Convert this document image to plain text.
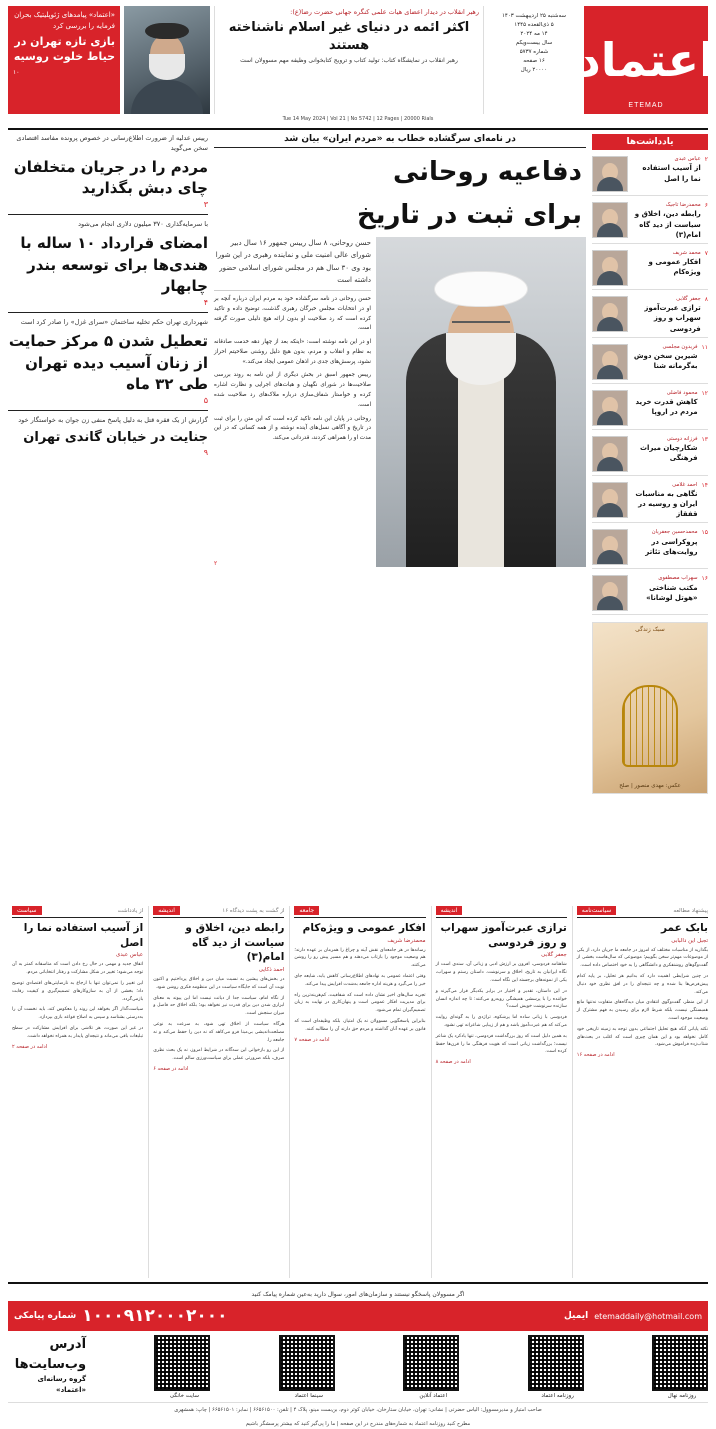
«اعتماد» پیامدهای ژئوپلیتیک بحران فرمایه را بررسی کرد
بازی تازه تهران در حیاط خلوت روسیه
۱۰
رهبر انقلاب در دیدار اعضای هیات علمی کنگره جهانی حضرت رضا(ع):
اکثر ائمه در دنیای غیر اسلام ناشناخته هستند
رهبر انقلاب در نمایشگاه کتاب: تولید کتاب و ترویج کتابخوانی وظیفه مهم مسوولان است
سه‌شنبه ۲۵ اردیبهشت ۱۴۰۳
۵ ذی‌القعده ۱۴۴۵
۱۴ مه ۲۰۲۴
سال بیست‌ویکم
شماره ۵۷۳۷
۱۶ صفحه
۲۰۰۰۰ ریال اعتماد
ETEMAD
Tue 14 May 2024 | Vol 21 | No 5742 | 12 Pages | 20000 Rials
یادداشت‌ها
عباس عبدی
از آسیب استفاده نما را اصل
۲
محمدرضا تاجیک
رابطه دین، اخلاق و سیاست از دید گاه امام(۳)
۶
محمد شریف
افکار عمومی و ویژه‌کام
۷
جعفر گلابی
ترازی عبرت‌آموز سهراب و روز فردوسی
۸
فریدون مجلسی
شیرین سخن دوش به‌گرمانه شنا
۱۱
محمود فاضلی
کاهش قدرت خرید مردم در اروپا
۱۲
فرزانه دوستی
شکارچیان میراث فرهنگی
۱۳
احمد غلامی
نگاهی به مناسبات ایران و روسیه در قفقاز
۱۴
محمدحسین جعفریان
پروکراسی در روایت‌های تئاتر
۱۵
سهراب مصطفوی
مکتب شناختی «هوتل لوشانا»
۱۶
سبک زندگی
عکس: مهدی منصور | صلح
در نامه‌ای سرگشاده خطاب به «مردم ایران» بیان شد
دفاعیه روحانی
برای ثبت در تاریخ
حسن روحانی، ۸ سال رییس جمهور ۱۶ سال دبیر شورای عالی امنیت ملی و نماینده رهبری در این شورا بود وی ۳۰ سال هم در مجلس شورای اسلامی حضور داشته است

حسن روحانی در نامه سرگشاده خود به مردم ایران درباره آنچه بر او در انتخابات مجلس خبرگان رهبری گذشت، توضیح داده و تاکید کرده است که رد صلاحیت او بدون ارائه هیچ دلیلی صورت گرفته است.

او در این نامه نوشته است: «اینکه بعد از چهار دهه خدمت صادقانه به نظام و انقلاب و مردم، بدون هیچ دلیل روشنی صلاحیتم احراز نشود، پرسش‌های جدی در اذهان عمومی ایجاد می‌کند.»

رییس جمهور اسبق در بخش دیگری از این نامه به روند بررسی صلاحیت‌ها در شورای نگهبان و هیات‌های اجرایی و نظارت اشاره کرده و خواستار شفاف‌سازی درباره ملاک‌های رد صلاحیت شده است.

روحانی در پایان این نامه تاکید کرده است که این متن را برای ثبت در تاریخ و آگاهی نسل‌های آینده نوشته و از همه کسانی که در این مدت او را همراهی کردند، قدردانی می‌کند.

۲
رییس عدلیه از ضرورت اطلاع‌رسانی در خصوص پرونده مفاسد اقتصادی سخن می‌گوید
مردم را در جریان متخلفان چای دبش بگذارید
۳
با سرمایه‌گذاری ۳۷۰ میلیون دلاری انجام می‌شود
امضای قرارداد ۱۰ ساله با هندی‌ها برای توسعه بندر چابهار
۴
شهرداری تهران حکم تخلیه ساختمان «سرای غزل» را صادر کرد است
تعطیل شدن ۵ مرکز حمایت از زنان آسیب دیده تهران طی ۳۲ ماه
۵
گزارش از یک فقره قتل به دلیل پاسخ منفی زن جوان به خواستگار خود
جنایت در خیابان گاندی تهران
۹
سیاست‌نامه	پیشنهاد مطالعه
بابک عمر
تجبل این دالبابی

بگذارید از مناسبات مختلف که امروز در جامعه ما جریان دارد، از یکی از موضوعات مهم‌تر سخن بگوییم؛ موضوعی که سال‌هاست بخشی از گفت‌وگوهای روشنفکری و دانشگاهی را به خود اختصاص داده است.

در چنین شرایطی اهمیت دارد که بدانیم هر تحلیل، بر پایه کدام پیش‌فرض‌ها بنا شده و چه نتیجه‌ای را در افق نظری خود دنبال می‌کند.

از این منظر، گفت‌وگوی انتقادی میان دیدگاه‌های متفاوت نه‌تنها مانع همبستگی نیست، بلکه شرط لازم برای رسیدن به فهم مشترک از وضعیت موجود است.

نکته پایانی آنکه هیچ تحلیل اجتماعی بدون توجه به زمینه تاریخی خود کامل نخواهد بود و این همان چیزی است که اغلب در بحث‌های شتاب‌زده فراموش می‌شود.

ادامه در صفحه ۱۶
اندیشه
ترازی عبرت‌آموز سهراب و روز فردوسی
جعفر گلابی

شاهنامه فردوسی، افزون بر ارزش ادبی و زبانی آن، سندی است از نگاه ایرانیان به تاریخ، اخلاق و سرنوشت. داستان رستم و سهراب، یکی از نمونه‌های برجسته این نگاه است.

در این داستان، تقدیر و اختیار در برابر یکدیگر قرار می‌گیرند و خواننده را با پرسشی همیشگی روبه‌رو می‌کنند: تا چه اندازه انسان سازنده سرنوشت خویش است؟

فردوسی با زبانی ساده اما پرشکوه، تراژدی را به گونه‌ای روایت می‌کند که هم عبرت‌آموز باشد و هم از زیبایی شاعرانه تهی نشود.

به همین دلیل است که روز بزرگداشت فردوسی، تنها یادکرد یک شاعر نیست؛ بزرگداشت زبانی است که هویت فرهنگی ما را قرن‌ها حفظ کرده است.

ادامه در صفحه ۸
جامعه
افکار عمومی و ویژه‌کام
محمدرضا شریف

رسانه‌ها در هر جامعه‌ای نقش آینه و چراغ را همزمان بر عهده دارند؛ هم وضعیت موجود را بازتاب می‌دهند و هم مسیر پیش رو را روشن می‌کنند.

وقتی اعتماد عمومی به نهادهای اطلاع‌رسانی کاهش یابد، شایعه جای خبر را می‌گیرد و هزینه اداره جامعه به‌شدت افزایش پیدا می‌کند.

تجربه سال‌های اخیر نشان داده است که شفافیت، کم‌هزینه‌ترین راه برای مدیریت افکار عمومی است و پنهان‌کاری در نهایت به زیان تصمیم‌گیران تمام می‌شود.

بنابراین پاسخگویی مسوولان نه یک امتیاز، بلکه وظیفه‌ای است که قانون بر عهده آنان گذاشته و مردم حق دارند آن را مطالبه کنند.

ادامه در صفحه ۷
اندیشه	از گشت به پشت دیدگاه ۱۶
رابطه دین، اخلاق و سیاست از دید گاه امام(۳)
احمد ذکایی

در بخش‌های پیشین به نسبت میان دین و اخلاق پرداختیم و اکنون نوبت آن است که جایگاه سیاست در این منظومه فکری روشن شود.

از نگاه امام، سیاست جدا از دیانت نیست اما این پیوند به معنای ابزاری شدن دین برای قدرت نیز نخواهد بود؛ بلکه اخلاق حد فاصل و میزان سنجش است.

هرگاه سیاست از اخلاق تهی شود، به سرعت به نوعی مصلحت‌اندیشی بی‌مبنا فرو می‌کاهد که نه دین را حفظ می‌کند و نه جامعه را.

از این رو بازخوانی این سه‌گانه در شرایط امروز، نه یک بحث نظری صرف، بلکه ضرورتی عملی برای سیاست‌ورزی سالم است.

ادامه در صفحه ۶
سیاست	از یادداشت
از آسیب استفاده نما را اصل
عباس عبدی

اتفاق جدید و مهمی در حال رخ دادن است که متاسفانه کمتر به آن توجه می‌شود؛ تغییر در شکل مشارکت و رفتار انتخاباتی مردم.

این تغییر را نمی‌توان تنها با ارجاع به نارضایتی‌های اقتصادی توضیح داد؛ بخشی از آن به سازوکارهای تصمیم‌گیری و کیفیت رقابت بازمی‌گردد.

سیاست‌گذار اگر بخواهد این روند را معکوس کند، باید نخست آن را به‌درستی بشناسد و سپس به اصلاح قواعد بازی بپردازد.

در غیر این صورت، هر تلاشی برای افزایش مشارکت در سطح تبلیغات باقی می‌ماند و نتیجه‌ای پایدار به همراه نخواهد داشت.

ادامه در صفحه ۲
اگر مسوولان پاسخگو نیستند و سازمان‌های امور، سوال دارید به‌عین شماره پیامک کنید
شماره پیامکی ۱۰۰۰۹۱۲۰۰۰۲۰۰۰	ایمیل etemaddaily@hotmail.com
آدرس وب‌سایت‌ها
گروه رسانه‌ای
«اعتماد»
سایت خانگی	سینما اعتماد	اعتماد آنلاین	روزنامه اعتماد	روزنامه نهال
صاحب امتیاز و مدیرمسوول: الیاس حضرتی | نشانی: تهران، خیابان ستارخان، خیابان کوثر دوم، بن‌بست مینو، پلاک ۴ | تلفن: ۶۶۵۶۱۵۰۰ | نمابر: ۶۶۵۶۱۵۰۱ | چاپ: همشهری
مطرح کنید روزنامه اعتماد به شماره‌های مندرج در این صفحه | ما را پی‌گیر کنید که بیشتر پرسشگر باشیم
